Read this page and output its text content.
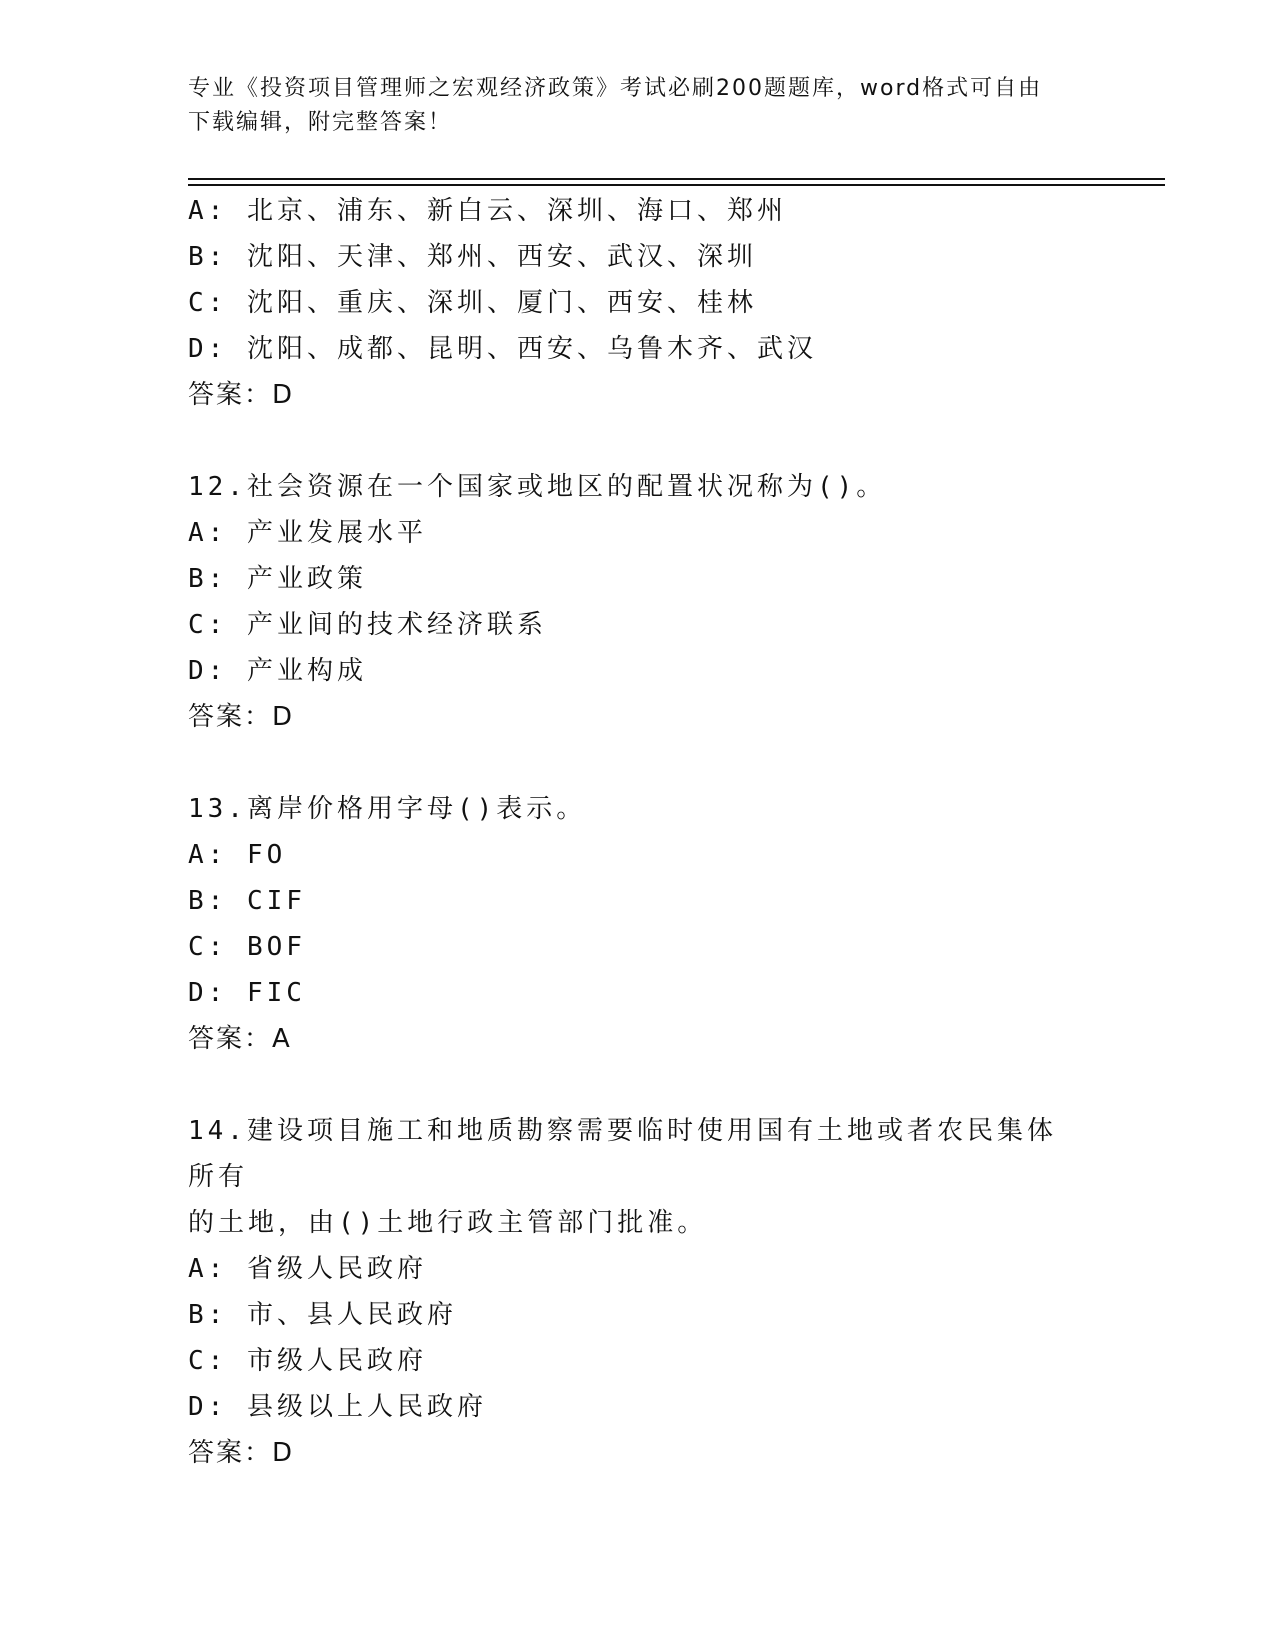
专业《投资项目管理师之宏观经济政策》考试必刷200题题库，word格式可自由
下载编辑，附完整答案！
A: 北京、浦东、新白云、深圳、海口、郑州
B: 沈阳、天津、郑州、西安、武汉、深圳
C: 沈阳、重庆、深圳、厦门、西安、桂林
D: 沈阳、成都、昆明、西安、乌鲁木齐、武汉
答案：D
12.社会资源在一个国家或地区的配置状况称为()。
A: 产业发展水平
B: 产业政策
C: 产业间的技术经济联系
D: 产业构成
答案：D
13.离岸价格用字母()表示。
A: FO
B: CIF
C: BOF
D: FIC
答案：A
14.建设项目施工和地质勘察需要临时使用国有土地或者农民集体所有
的土地，由()土地行政主管部门批准。
A: 省级人民政府
B: 市、县人民政府
C: 市级人民政府
D: 县级以上人民政府
答案：D
